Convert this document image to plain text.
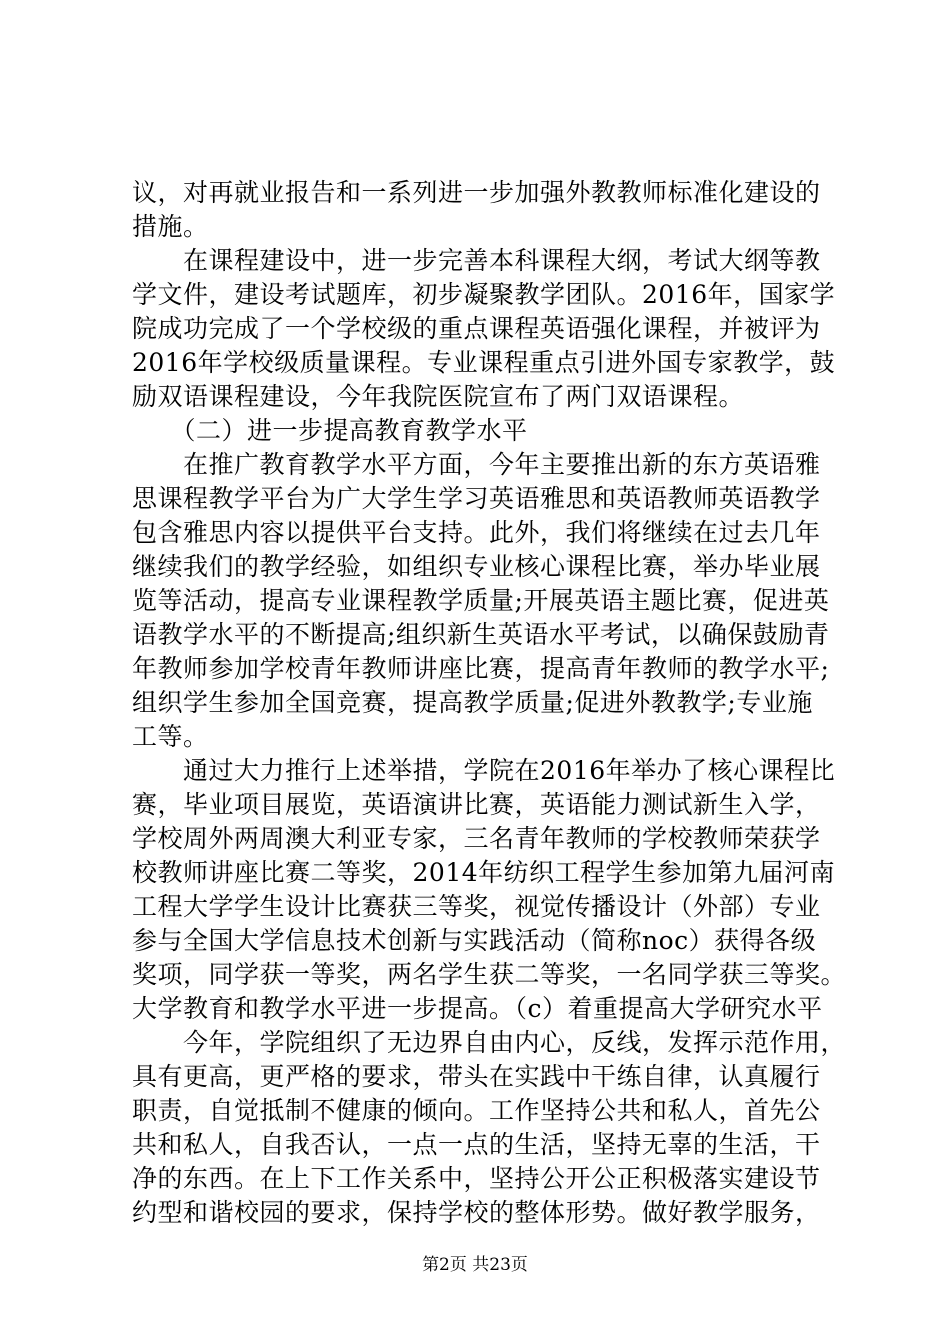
议，对再就业报告和一系列进一步加强外教教师标准化建设的
措施。
　　在课程建设中，进一步完善本科课程大纲，考试大纲等教
学文件，建设考试题库，初步凝聚教学团队。2016年，国家学
院成功完成了一个学校级的重点课程英语强化课程，并被评为
2016年学校级质量课程。专业课程重点引进外国专家教学，鼓
励双语课程建设，今年我院医院宣布了两门双语课程。
　　（二）进一步提高教育教学水平
　　在推广教育教学水平方面，今年主要推出新的东方英语雅
思课程教学平台为广大学生学习英语雅思和英语教师英语教学
包含雅思内容以提供平台支持。此外，我们将继续在过去几年
继续我们的教学经验，如组织专业核心课程比赛，举办毕业展
览等活动，提高专业课程教学质量;开展英语主题比赛，促进英
语教学水平的不断提高;组织新生英语水平考试，以确保鼓励青
年教师参加学校青年教师讲座比赛，提高青年教师的教学水平;
组织学生参加全国竞赛，提高教学质量;促进外教教学;专业施
工等。
　　通过大力推行上述举措，学院在2016年举办了核心课程比
赛，毕业项目展览，英语演讲比赛，英语能力测试新生入学，
学校周外两周澳大利亚专家，三名青年教师的学校教师荣获学
校教师讲座比赛二等奖，2014年纺织工程学生参加第九届河南
工程大学学生设计比赛获三等奖，视觉传播设计（外部）专业
参与全国大学信息技术创新与实践活动（简称noc）获得各级
奖项，同学获一等奖，两名学生获二等奖，一名同学获三等奖。
大学教育和教学水平进一步提高。（c）着重提高大学研究水平
　　今年，学院组织了无边界自由内心，反线，发挥示范作用，
具有更高，更严格的要求，带头在实践中干练自律，认真履行
职责，自觉抵制不健康的倾向。工作坚持公共和私人，首先公
共和私人，自我否认，一点一点的生活，坚持无辜的生活，干
净的东西。在上下工作关系中，坚持公开公正积极落实建设节
约型和谐校园的要求，保持学校的整体形势。做好教学服务，
第2页 共23页
